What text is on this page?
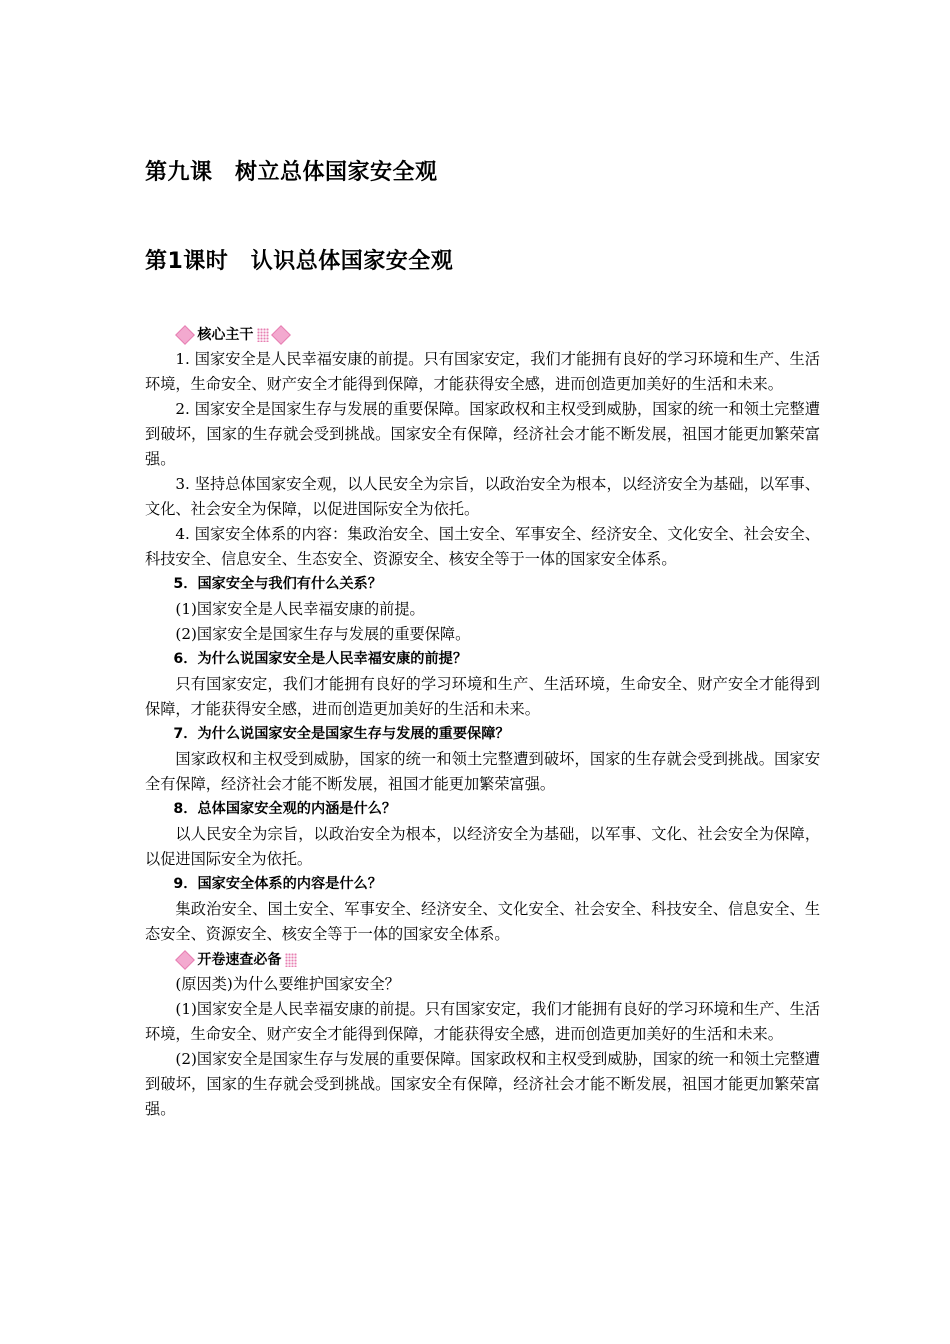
第九课　树立总体国家安全观
第1课时　认识总体国家安全观
核心主干

1. 国家安全是人民幸福安康的前提。只有国家安定，我们才能拥有良好的学习环境和生产、生活环境，生命安全、财产安全才能得到保障，才能获得安全感，进而创造更加美好的生活和未来。

2. 国家安全是国家生存与发展的重要保障。国家政权和主权受到威胁，国家的统一和领土完整遭到破坏，国家的生存就会受到挑战。国家安全有保障，经济社会才能不断发展，祖国才能更加繁荣富强。

3. 坚持总体国家安全观，以人民安全为宗旨，以政治安全为根本，以经济安全为基础，以军事、文化、社会安全为保障，以促进国际安全为依托。

4. 国家安全体系的内容：集政治安全、国土安全、军事安全、经济安全、文化安全、社会安全、科技安全、信息安全、生态安全、资源安全、核安全等于一体的国家安全体系。

5．国家安全与我们有什么关系？

(1)国家安全是人民幸福安康的前提。

(2)国家安全是国家生存与发展的重要保障。

6．为什么说国家安全是人民幸福安康的前提？

只有国家安定，我们才能拥有良好的学习环境和生产、生活环境，生命安全、财产安全才能得到保障，才能获得安全感，进而创造更加美好的生活和未来。

7．为什么说国家安全是国家生存与发展的重要保障？

国家政权和主权受到威胁，国家的统一和领土完整遭到破坏，国家的生存就会受到挑战。国家安全有保障，经济社会才能不断发展，祖国才能更加繁荣富强。

8．总体国家安全观的内涵是什么？

以人民安全为宗旨，以政治安全为根本，以经济安全为基础，以军事、文化、社会安全为保障，以促进国际安全为依托。

9．国家安全体系的内容是什么？

集政治安全、国土安全、军事安全、经济安全、文化安全、社会安全、科技安全、信息安全、生态安全、资源安全、核安全等于一体的国家安全体系。

开卷速查必备

(原因类)为什么要维护国家安全？

(1)国家安全是人民幸福安康的前提。只有国家安定，我们才能拥有良好的学习环境和生产、生活环境，生命安全、财产安全才能得到保障，才能获得安全感，进而创造更加美好的生活和未来。

(2)国家安全是国家生存与发展的重要保障。国家政权和主权受到威胁，国家的统一和领土完整遭到破坏，国家的生存就会受到挑战。国家安全有保障，经济社会才能不断发展，祖国才能更加繁荣富强。
